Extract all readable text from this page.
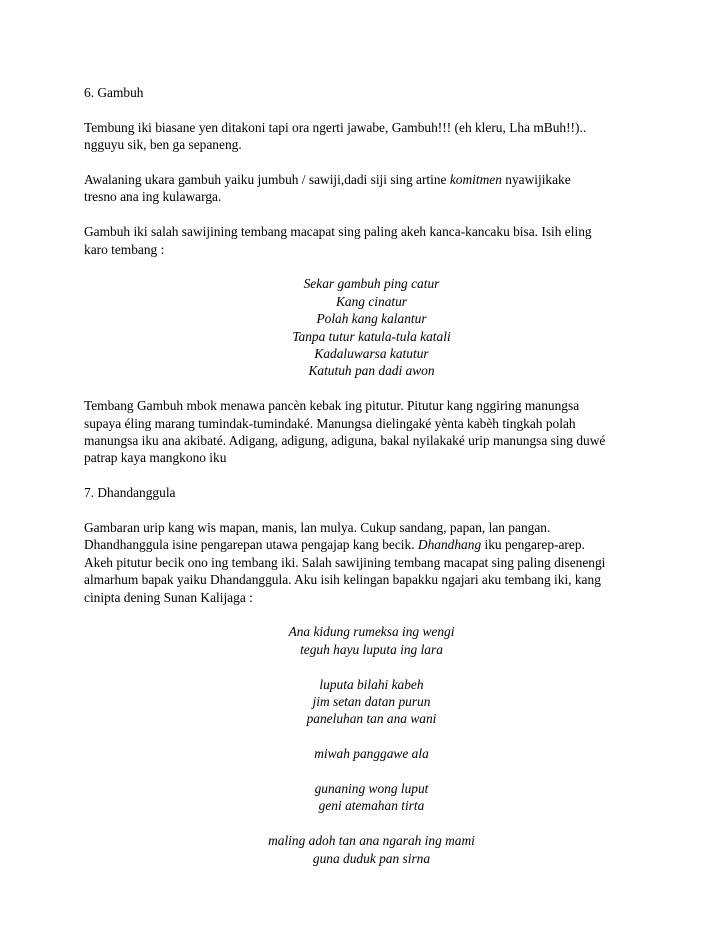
6. Gambuh

Tembung iki biasane yen ditakoni tapi ora ngerti jawabe, Gambuh!!! (eh kleru, Lha mBuh!!)..
ngguyu sik, ben ga sepaneng.

Awalaning ukara gambuh yaiku jumbuh / sawiji,dadi siji sing artine komitmen nyawijikake
tresno ana ing kulawarga.

Gambuh iki salah sawijining tembang macapat sing paling akeh kanca-kancaku bisa. Isih eling
karo tembang :

Sekar gambuh ping catur
Kang cinatur
Polah kang kalantur
Tanpa tutur katula-tula katali
Kadaluwarsa katutur
Katutuh pan dadi awon

Tembang Gambuh mbok menawa pancèn kebak ing pitutur. Pitutur kang nggiring manungsa
supaya éling marang tumindak-tumindaké. Manungsa dielingaké yènta kabèh tingkah polah
manungsa iku ana akibaté. Adigang, adigung, adiguna, bakal nyilakaké urip manungsa sing duwé
patrap kaya mangkono iku

7. Dhandanggula

Gambaran urip kang wis mapan, manis, lan mulya. Cukup sandang, papan, lan pangan.
Dhandhanggula isine pengarepan utawa pengajap kang becik. Dhandhang iku pengarep-arep.
Akeh pitutur becik ono ing tembang iki. Salah sawijining tembang macapat sing paling disenengi
almarhum bapak yaiku Dhandanggula. Aku isih kelingan bapakku ngajari aku tembang iki, kang
cinipta dening Sunan Kalijaga :

Ana kidung rumeksa ing wengi
teguh hayu luputa ing lara
luputa bilahi kabeh
jim setan datan purun
paneluhan tan ana wani
miwah panggawe ala
gunaning wong luput
geni atemahan tirta
maling adoh tan ana ngarah ing mami
guna duduk pan sirna
